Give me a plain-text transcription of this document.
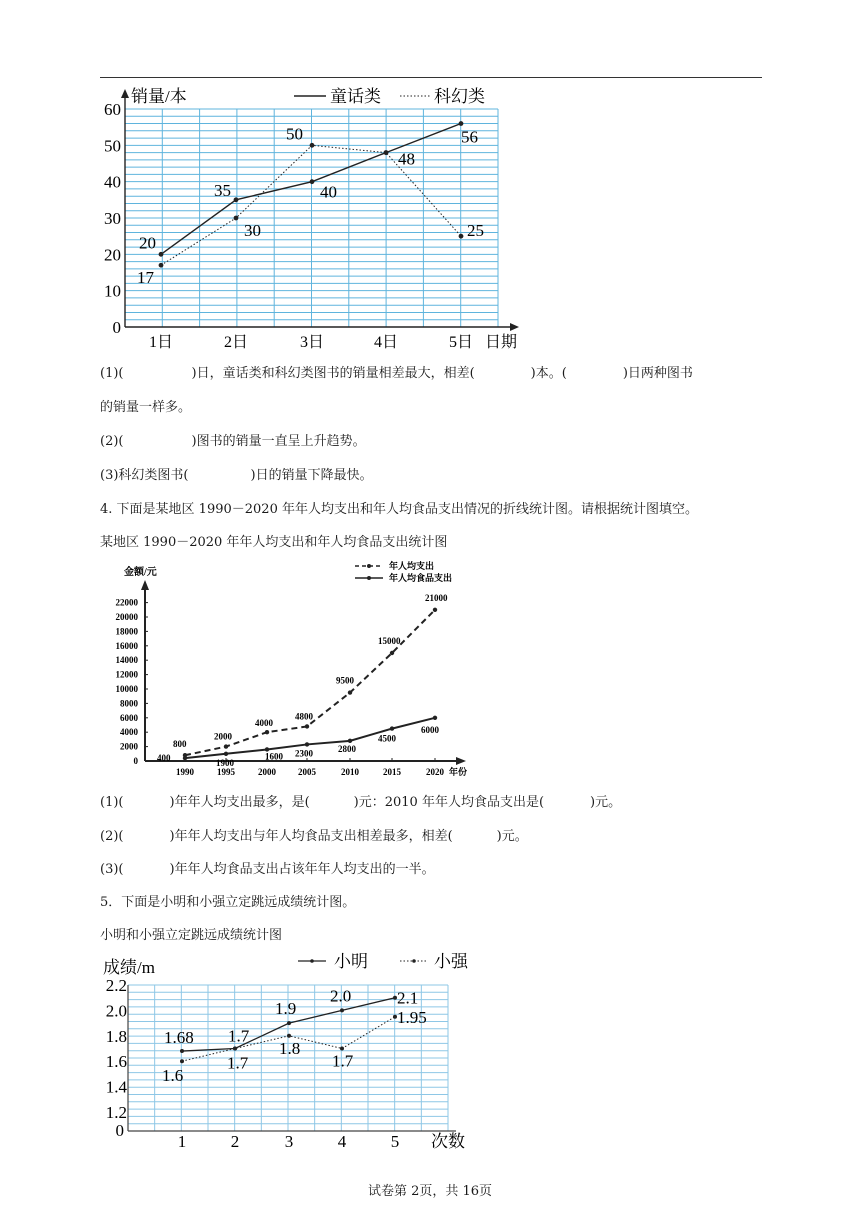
0
10
20
30
40
50
60
1日	2日	3日	4日	5日
销量/本
日期
童话类	科幻类
20
35	40
48
56
17
30
50
25
(1)(	)日，童话类和科幻类图书的销量相差最大，相差(	)本。(	)日两种图书
的销量一样多。
(2)(	)图书的销量一直呈上升趋势。
(3)科幻类图书(	)日的销量下降最快。
4. 下面是某地区 1990－2020 年年人均支出和年人均食品支出情况的折线统计图。请根据统计图填空。
某地区 1990－2020 年年人均支出和年人均食品支出统计图
0
2000
4000
6000
8000
10000
12000
14000
16000
18000
20000
22000
1990	1995	2000 2005	2010	2015	2020
金额/元
年份
年人均支出
年人均食品支出
800
2000
4000
4800
9500
15000
21000
400	1900
1600 2300	2800
4500
6000
(1)(	)年年人均支出最多，是(	)元：2010 年年人均食品支出是(	)元。
(2)(	)年年人均支出与年人均食品支出相差最多，相差(	)元。
(3)(	)年年人均食品支出占该年年人均支出的一半。
5．下面是小明和小强立定跳远成绩统计图。
小明和小强立定跳远成绩统计图
1.2
1.4
1.6
1.8
2.0
2.2
0
1	2	3	4	5
成绩/m
次数
小明	小强
1.68 1.7
1.9
2.0	2.1
1.6
1.7
1.8
1.7
1.95
试卷第 2页，共 16页
